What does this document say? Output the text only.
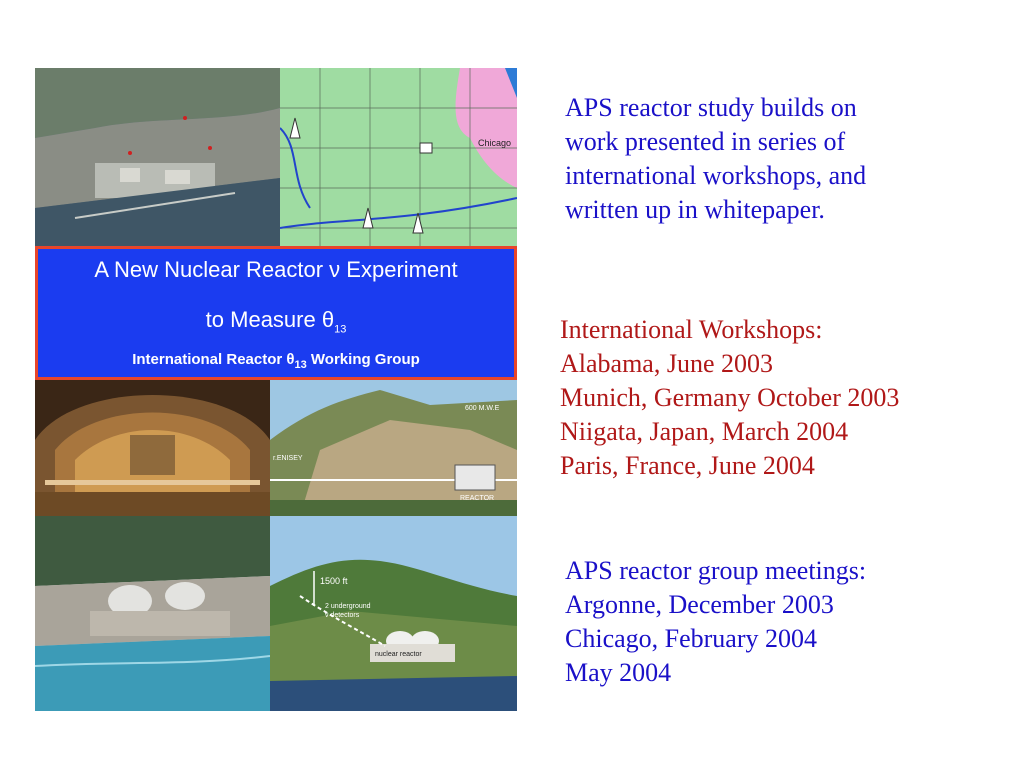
Chicago
A New Nuclear Reactor ν Experiment
to Measure $\theta_{13}$
International Reactor $\theta_{13}$ Working Group
r.ENISEY
600 M.W.E
REACTOR
1500 ft
2 underground
ν detectors
nuclear reactor
APS reactor study builds on
work presented in series of
international workshops, and
written up in whitepaper.
International Workshops:
Alabama, June 2003
Munich, Germany October 2003
Niigata, Japan, March 2004
Paris, France, June 2004
APS reactor group meetings:
Argonne, December 2003
Chicago, February 2004
May 2004
